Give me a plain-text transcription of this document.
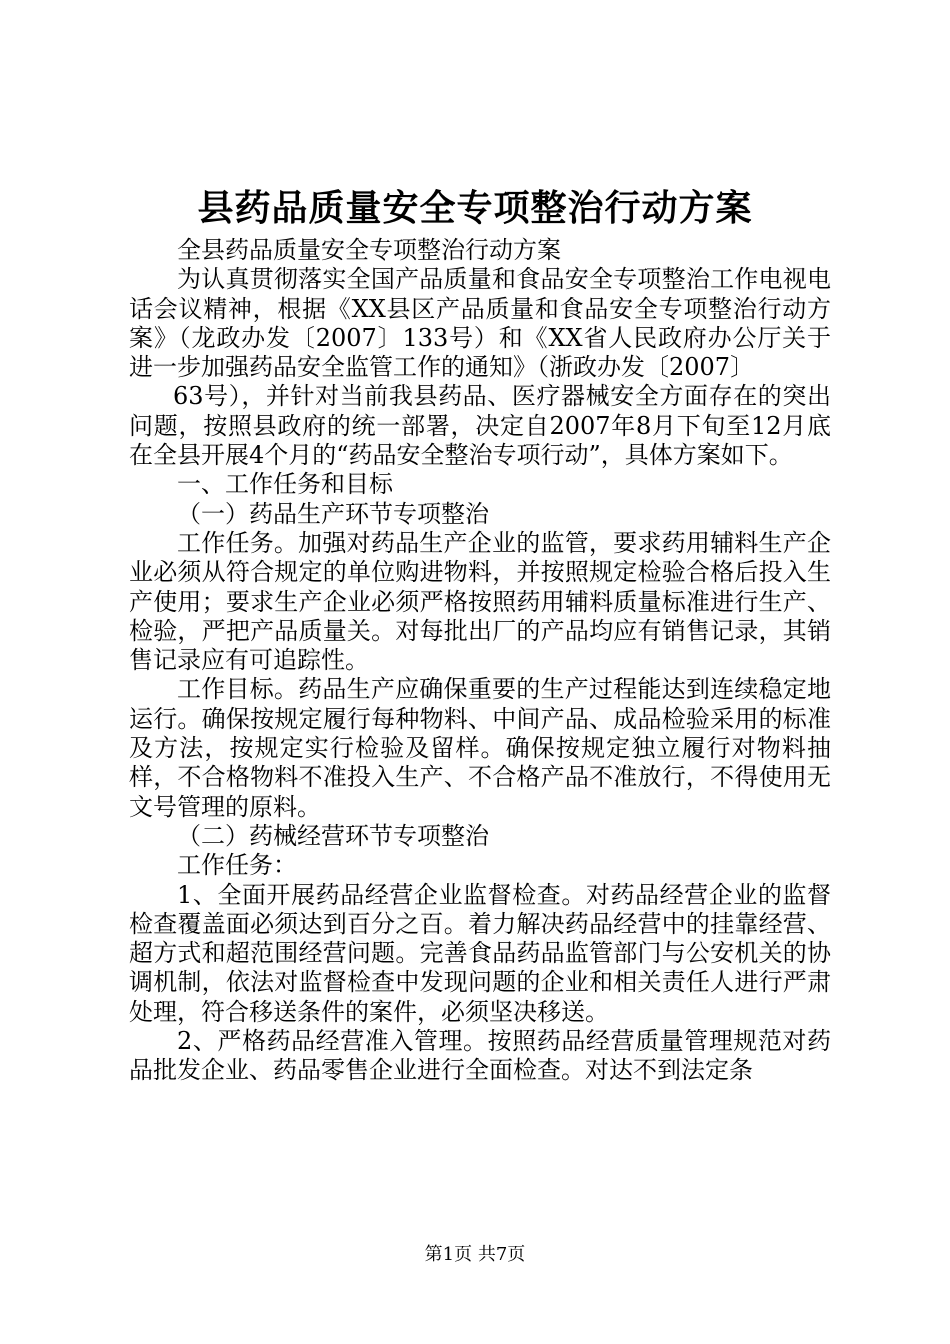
县药品质量安全专项整治行动方案

全县药品质量安全专项整治行动方案

为认真贯彻落实全国产品质量和食品安全专项整治工作电视电话会议精神，根据《XX县区产品质量和食品安全专项整治行动方案》（龙政办发〔2007〕133号）和《XX省人民政府办公厅关于进一步加强药品安全监管工作的通知》（浙政办发〔2007〕

63号），并针对当前我县药品、医疗器械安全方面存在的突出问题，按照县政府的统一部署，决定自2007年8月下旬至12月底在全县开展4个月的“药品安全整治专项行动”，具体方案如下。

一、工作任务和目标

（一）药品生产环节专项整治

工作任务。加强对药品生产企业的监管，要求药用辅料生产企业必须从符合规定的单位购进物料，并按照规定检验合格后投入生产使用；要求生产企业必须严格按照药用辅料质量标准进行生产、检验，严把产品质量关。对每批出厂的产品均应有销售记录，其销售记录应有可追踪性。

工作目标。药品生产应确保重要的生产过程能达到连续稳定地运行。确保按规定履行每种物料、中间产品、成品检验采用的标准及方法，按规定实行检验及留样。确保按规定独立履行对物料抽样，不合格物料不准投入生产、不合格产品不准放行，不得使用无文号管理的原料。

（二）药械经营环节专项整治

工作任务：

1、全面开展药品经营企业监督检查。对药品经营企业的监督检查覆盖面必须达到百分之百。着力解决药品经营中的挂靠经营、超方式和超范围经营问题。完善食品药品监管部门与公安机关的协调机制，依法对监督检查中发现问题的企业和相关责任人进行严肃处理，符合移送条件的案件，必须坚决移送。

2、严格药品经营准入管理。按照药品经营质量管理规范对药品批发企业、药品零售企业进行全面检查。对达不到法定条

第1页 共7页
